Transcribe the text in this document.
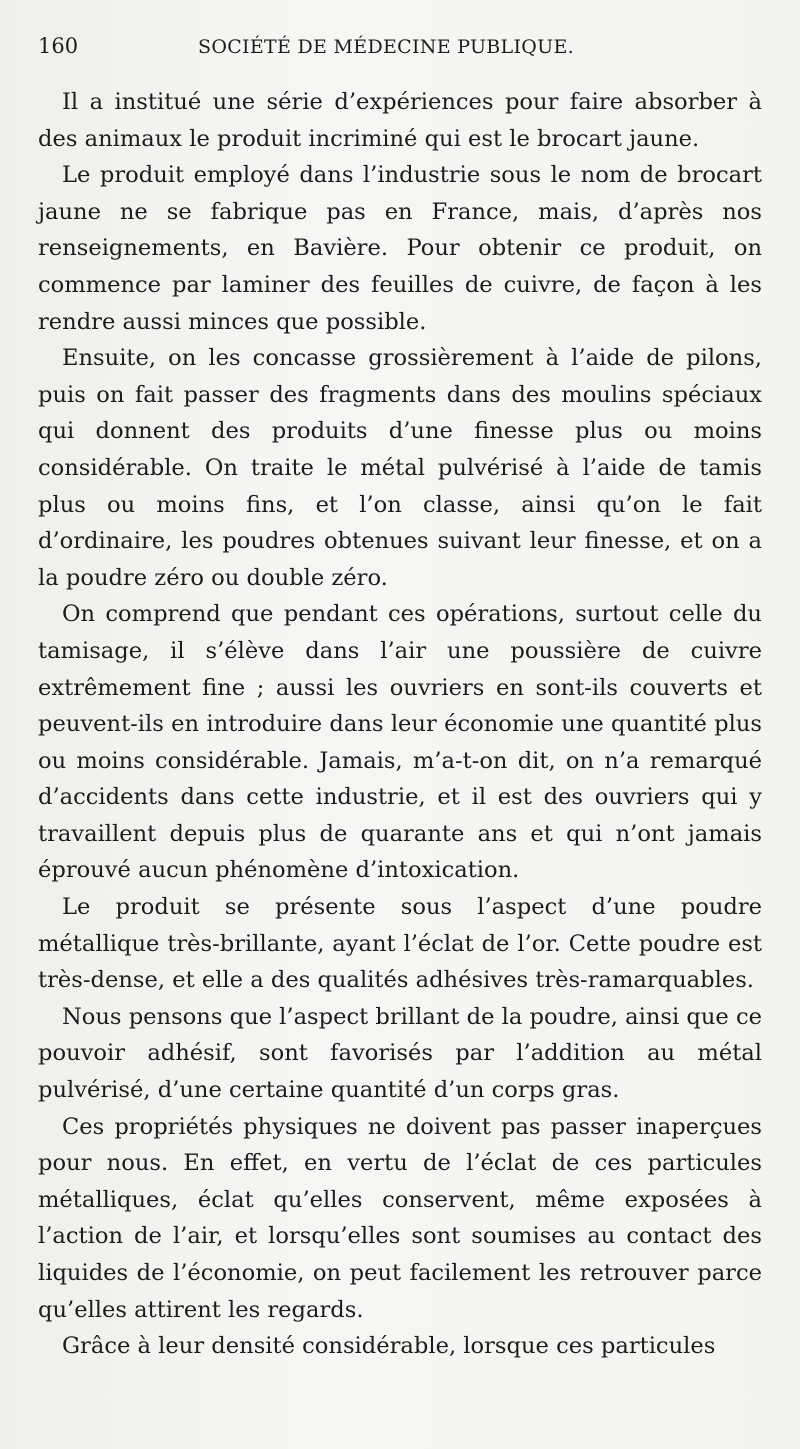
160	SOCIÉTÉ DE MÉDECINE PUBLIQUE.

Il a institué une série d’expériences pour faire absorber à des animaux le produit incriminé qui est le brocart jaune.

Le produit employé dans l’industrie sous le nom de brocart jaune ne se fabrique pas en France, mais, d’après nos renseignements, en Bavière. Pour obtenir ce produit, on commence par laminer des feuilles de cuivre, de façon à les rendre aussi minces que possible.

Ensuite, on les concasse grossièrement à l’aide de pilons, puis on fait passer des fragments dans des moulins spéciaux qui donnent des produits d’une finesse plus ou moins considérable. On traite le métal pulvérisé à l’aide de tamis plus ou moins fins, et l’on classe, ainsi qu’on le fait d’ordinaire, les poudres obtenues suivant leur finesse, et on a la poudre zéro ou double zéro.

On comprend que pendant ces opérations, surtout celle du tamisage, il s’élève dans l’air une poussière de cuivre extrêmement fine ; aussi les ouvriers en sont-ils couverts et peuvent-ils en introduire dans leur économie une quantité plus ou moins considérable. Jamais, m’a-t-on dit, on n’a remarqué d’accidents dans cette industrie, et il est des ouvriers qui y travaillent depuis plus de quarante ans et qui n’ont jamais éprouvé aucun phénomène d’intoxication.

Le produit se présente sous l’aspect d’une poudre métallique très-brillante, ayant l’éclat de l’or. Cette poudre est très-dense, et elle a des qualités adhésives très-ramarquables.

Nous pensons que l’aspect brillant de la poudre, ainsi que ce pouvoir adhésif, sont favorisés par l’addition au métal pulvérisé, d’une certaine quantité d’un corps gras.

Ces propriétés physiques ne doivent pas passer inaperçues pour nous. En effet, en vertu de l’éclat de ces particules métalliques, éclat qu’elles conservent, même exposées à l’action de l’air, et lorsqu’elles sont soumises au contact des liquides de l’économie, on peut facilement les retrouver parce qu’elles attirent les regards.

Grâce à leur densité considérable, lorsque ces particules
